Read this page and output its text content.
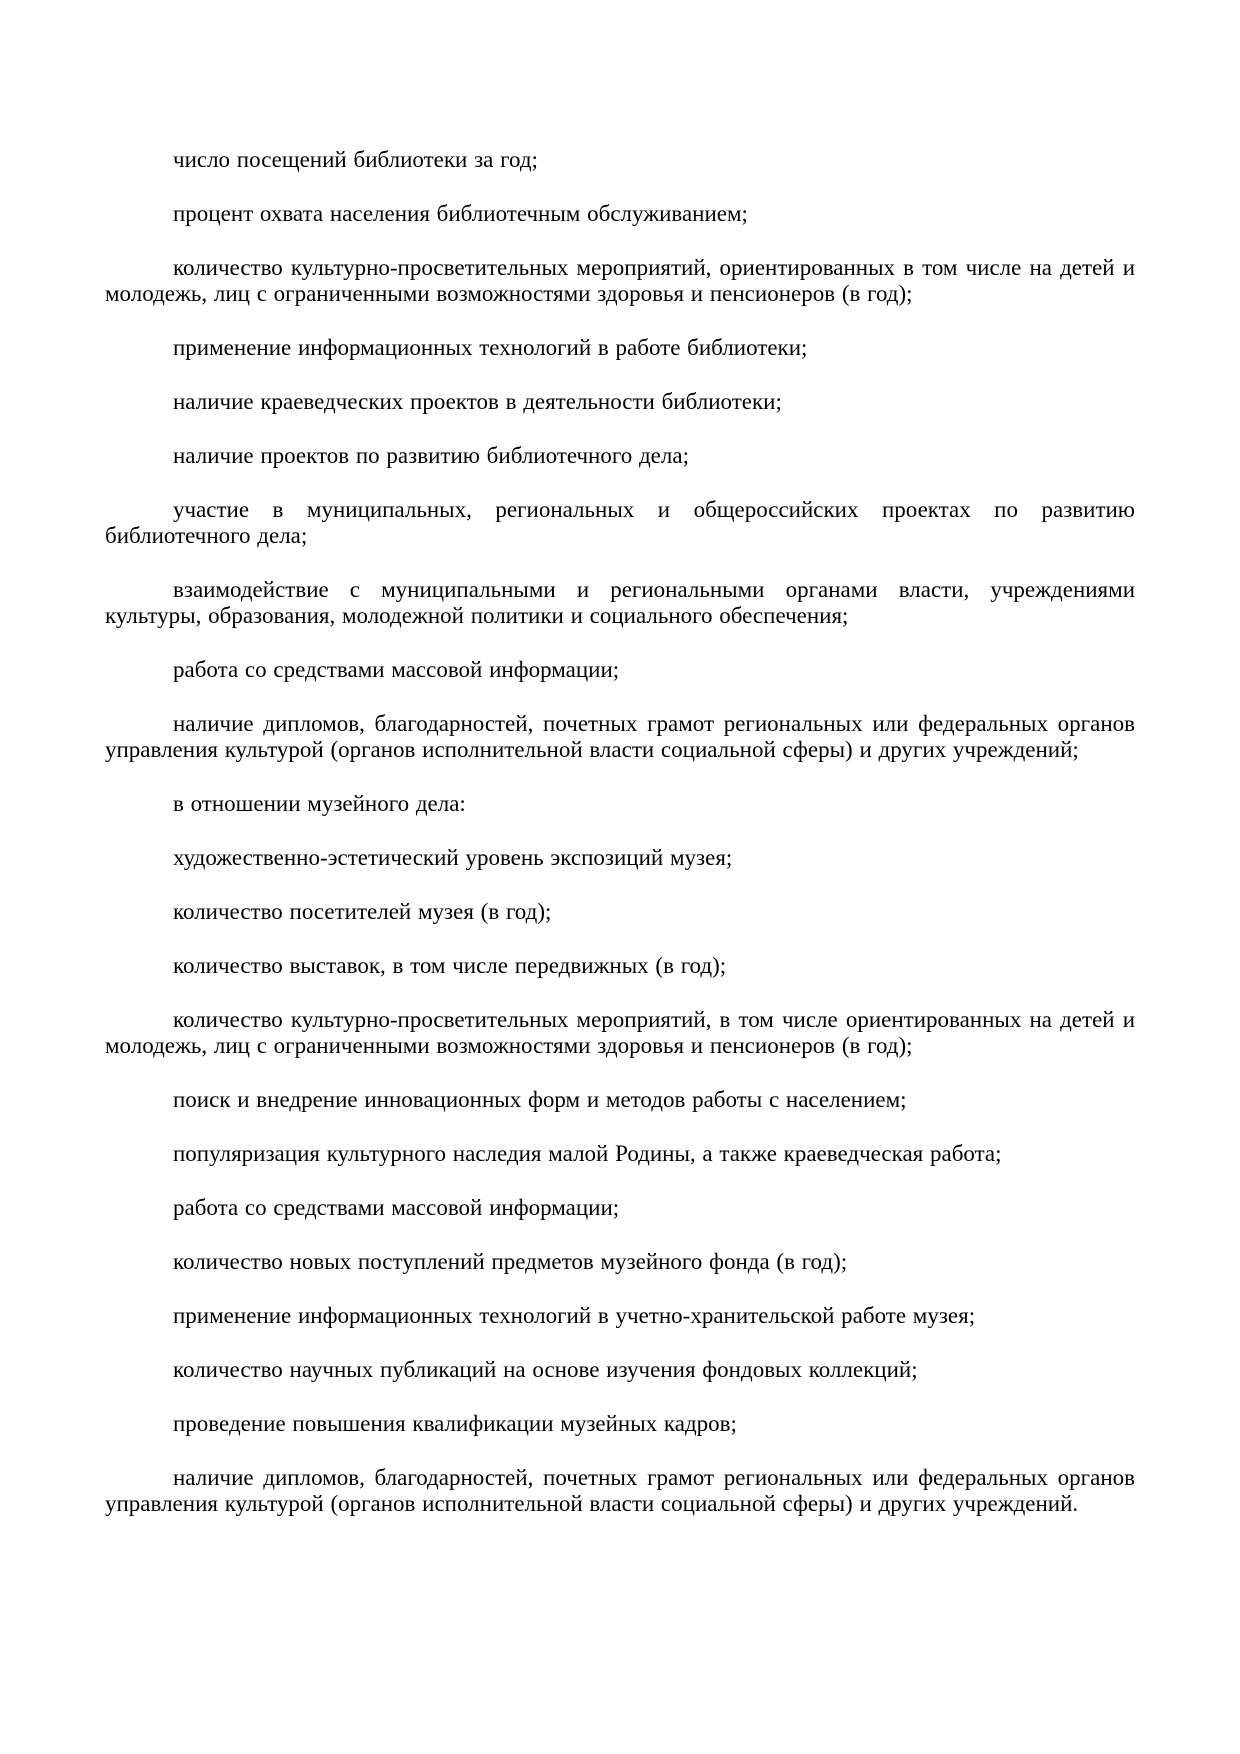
число посещений библиотеки за год;

процент охвата населения библиотечным обслуживанием;

количество культурно-просветительных мероприятий, ориентированных в том числе на детей и молодежь, лиц с ограниченными возможностями здоровья и пенсионеров (в год);

применение информационных технологий в работе библиотеки;

наличие краеведческих проектов в деятельности библиотеки;

наличие проектов по развитию библиотечного дела;

участие в муниципальных, региональных и общероссийских проектах по развитию библиотечного дела;

взаимодействие с муниципальными и региональными органами власти, учреждениями культуры, образования, молодежной политики и социального обеспечения;

работа со средствами массовой информации;

наличие дипломов, благодарностей, почетных грамот региональных или федеральных органов управления культурой (органов исполнительной власти социальной сферы) и других учреждений;

в отношении музейного дела:

художественно-эстетический уровень экспозиций музея;

количество посетителей музея (в год);

количество выставок, в том числе передвижных (в год);

количество культурно-просветительных мероприятий, в том числе ориентированных на детей и молодежь, лиц с ограниченными возможностями здоровья и пенсионеров (в год);

поиск и внедрение инновационных форм и методов работы с населением;

популяризация культурного наследия малой Родины, а также краеведческая работа;

работа со средствами массовой информации;

количество новых поступлений предметов музейного фонда (в год);

применение информационных технологий в учетно-хранительской работе музея;

количество научных публикаций на основе изучения фондовых коллекций;

проведение повышения квалификации музейных кадров;

наличие дипломов, благодарностей, почетных грамот региональных или федеральных органов управления культурой (органов исполнительной власти социальной сферы) и других учреждений.
